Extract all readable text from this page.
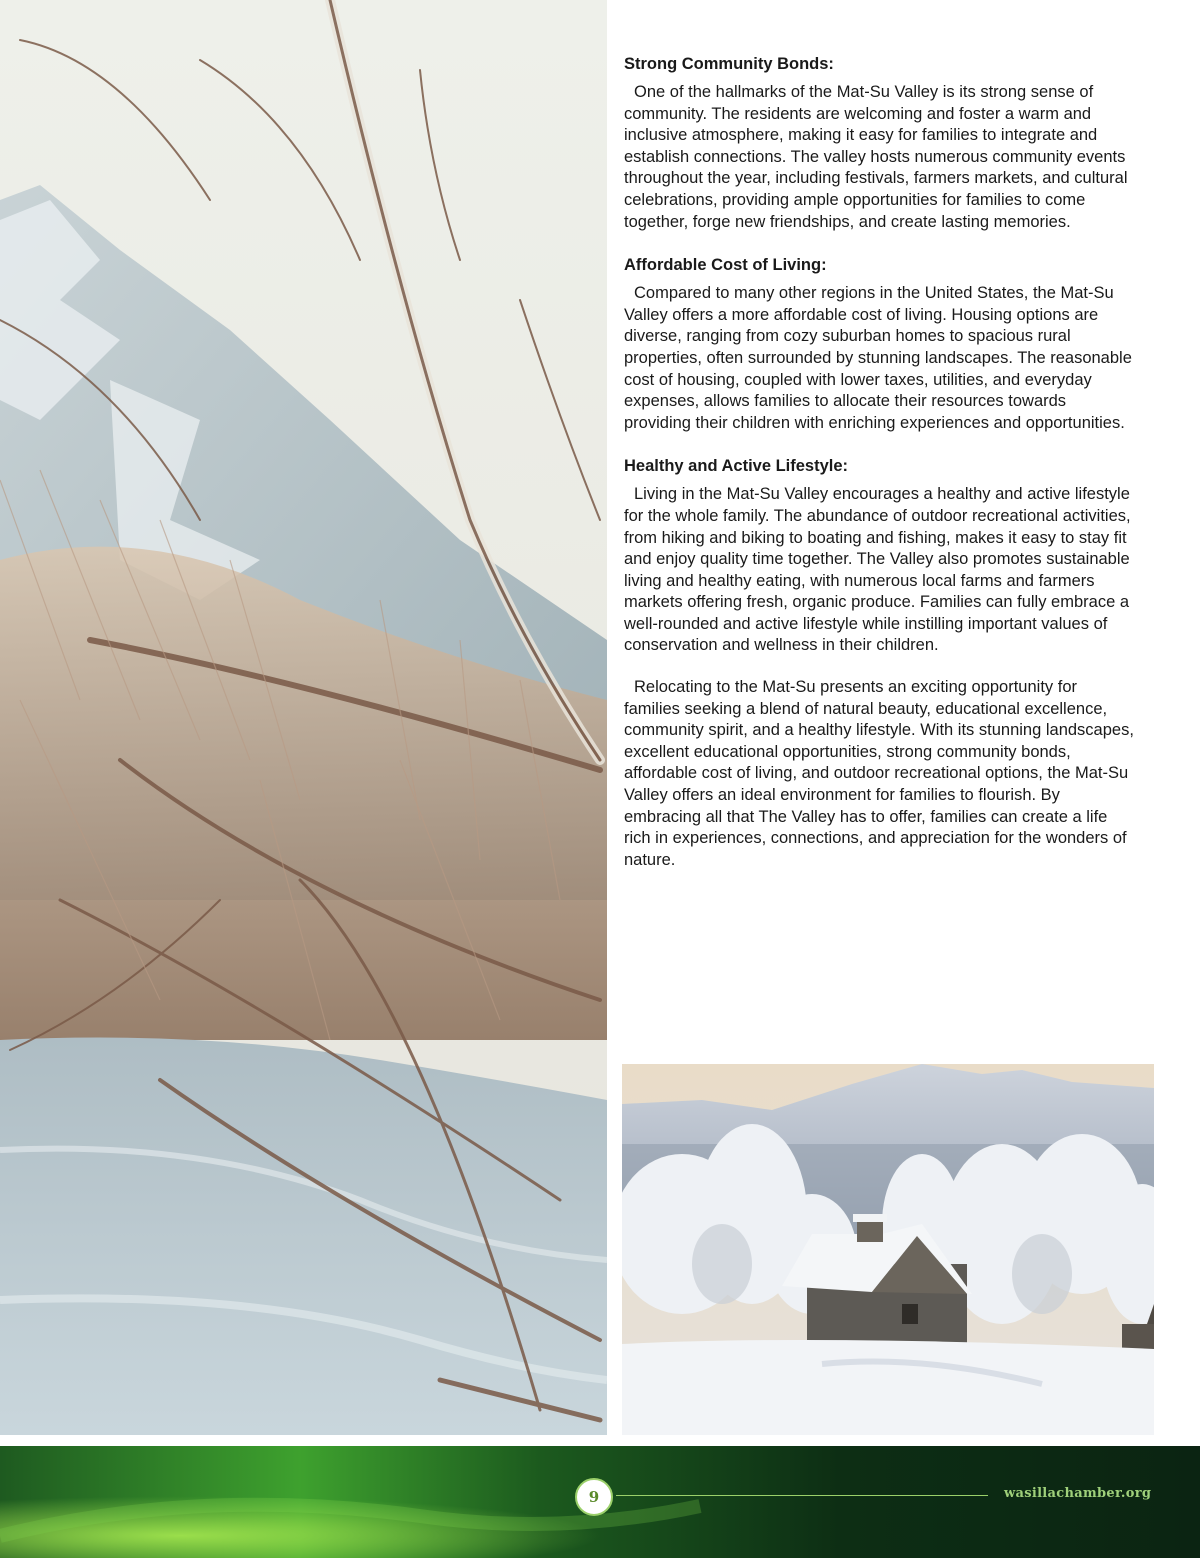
Strong Community Bonds:

One of the hallmarks of the Mat-Su Valley is its strong sense of community. The residents are welcoming and foster a warm and inclusive atmosphere, making it easy for families to integrate and establish connections. The valley hosts numerous community events throughout the year, including festivals, farmers markets, and cultural celebrations, providing ample opportunities for families to come together, forge new friendships, and create lasting memories.

Affordable Cost of Living:

Compared to many other regions in the United States, the Mat-Su Valley offers a more affordable cost of living. Housing options are diverse, ranging from cozy suburban homes to spacious rural properties, often surrounded by stunning landscapes. The reasonable cost of housing, coupled with lower taxes, utilities, and everyday expenses, allows families to allocate their resources towards providing their children with enriching experiences and opportunities.

Healthy and Active Lifestyle:

Living in the Mat-Su Valley encourages a healthy and active lifestyle for the whole family. The abundance of outdoor recreational activities, from hiking and biking to boating and fishing, makes it easy to stay fit and enjoy quality time together. The Valley also promotes sustainable living and healthy eating, with numerous local farms and farmers markets offering fresh, organic produce. Families can fully embrace a well-rounded and active lifestyle while instilling important values of conservation and wellness in their children.

Relocating to the Mat-Su presents an exciting opportunity for families seeking a blend of natural beauty, educational excellence, community spirit, and a healthy lifestyle. With its stunning landscapes, excellent educational opportunities, strong community bonds, affordable cost of living, and outdoor recreational options, the Mat-Su Valley offers an ideal environment for families to flourish. By embracing all that The Valley has to offer, families can create a life rich in experiences, connections, and appreciation for the wonders of nature.

9	wasillachamber.org
